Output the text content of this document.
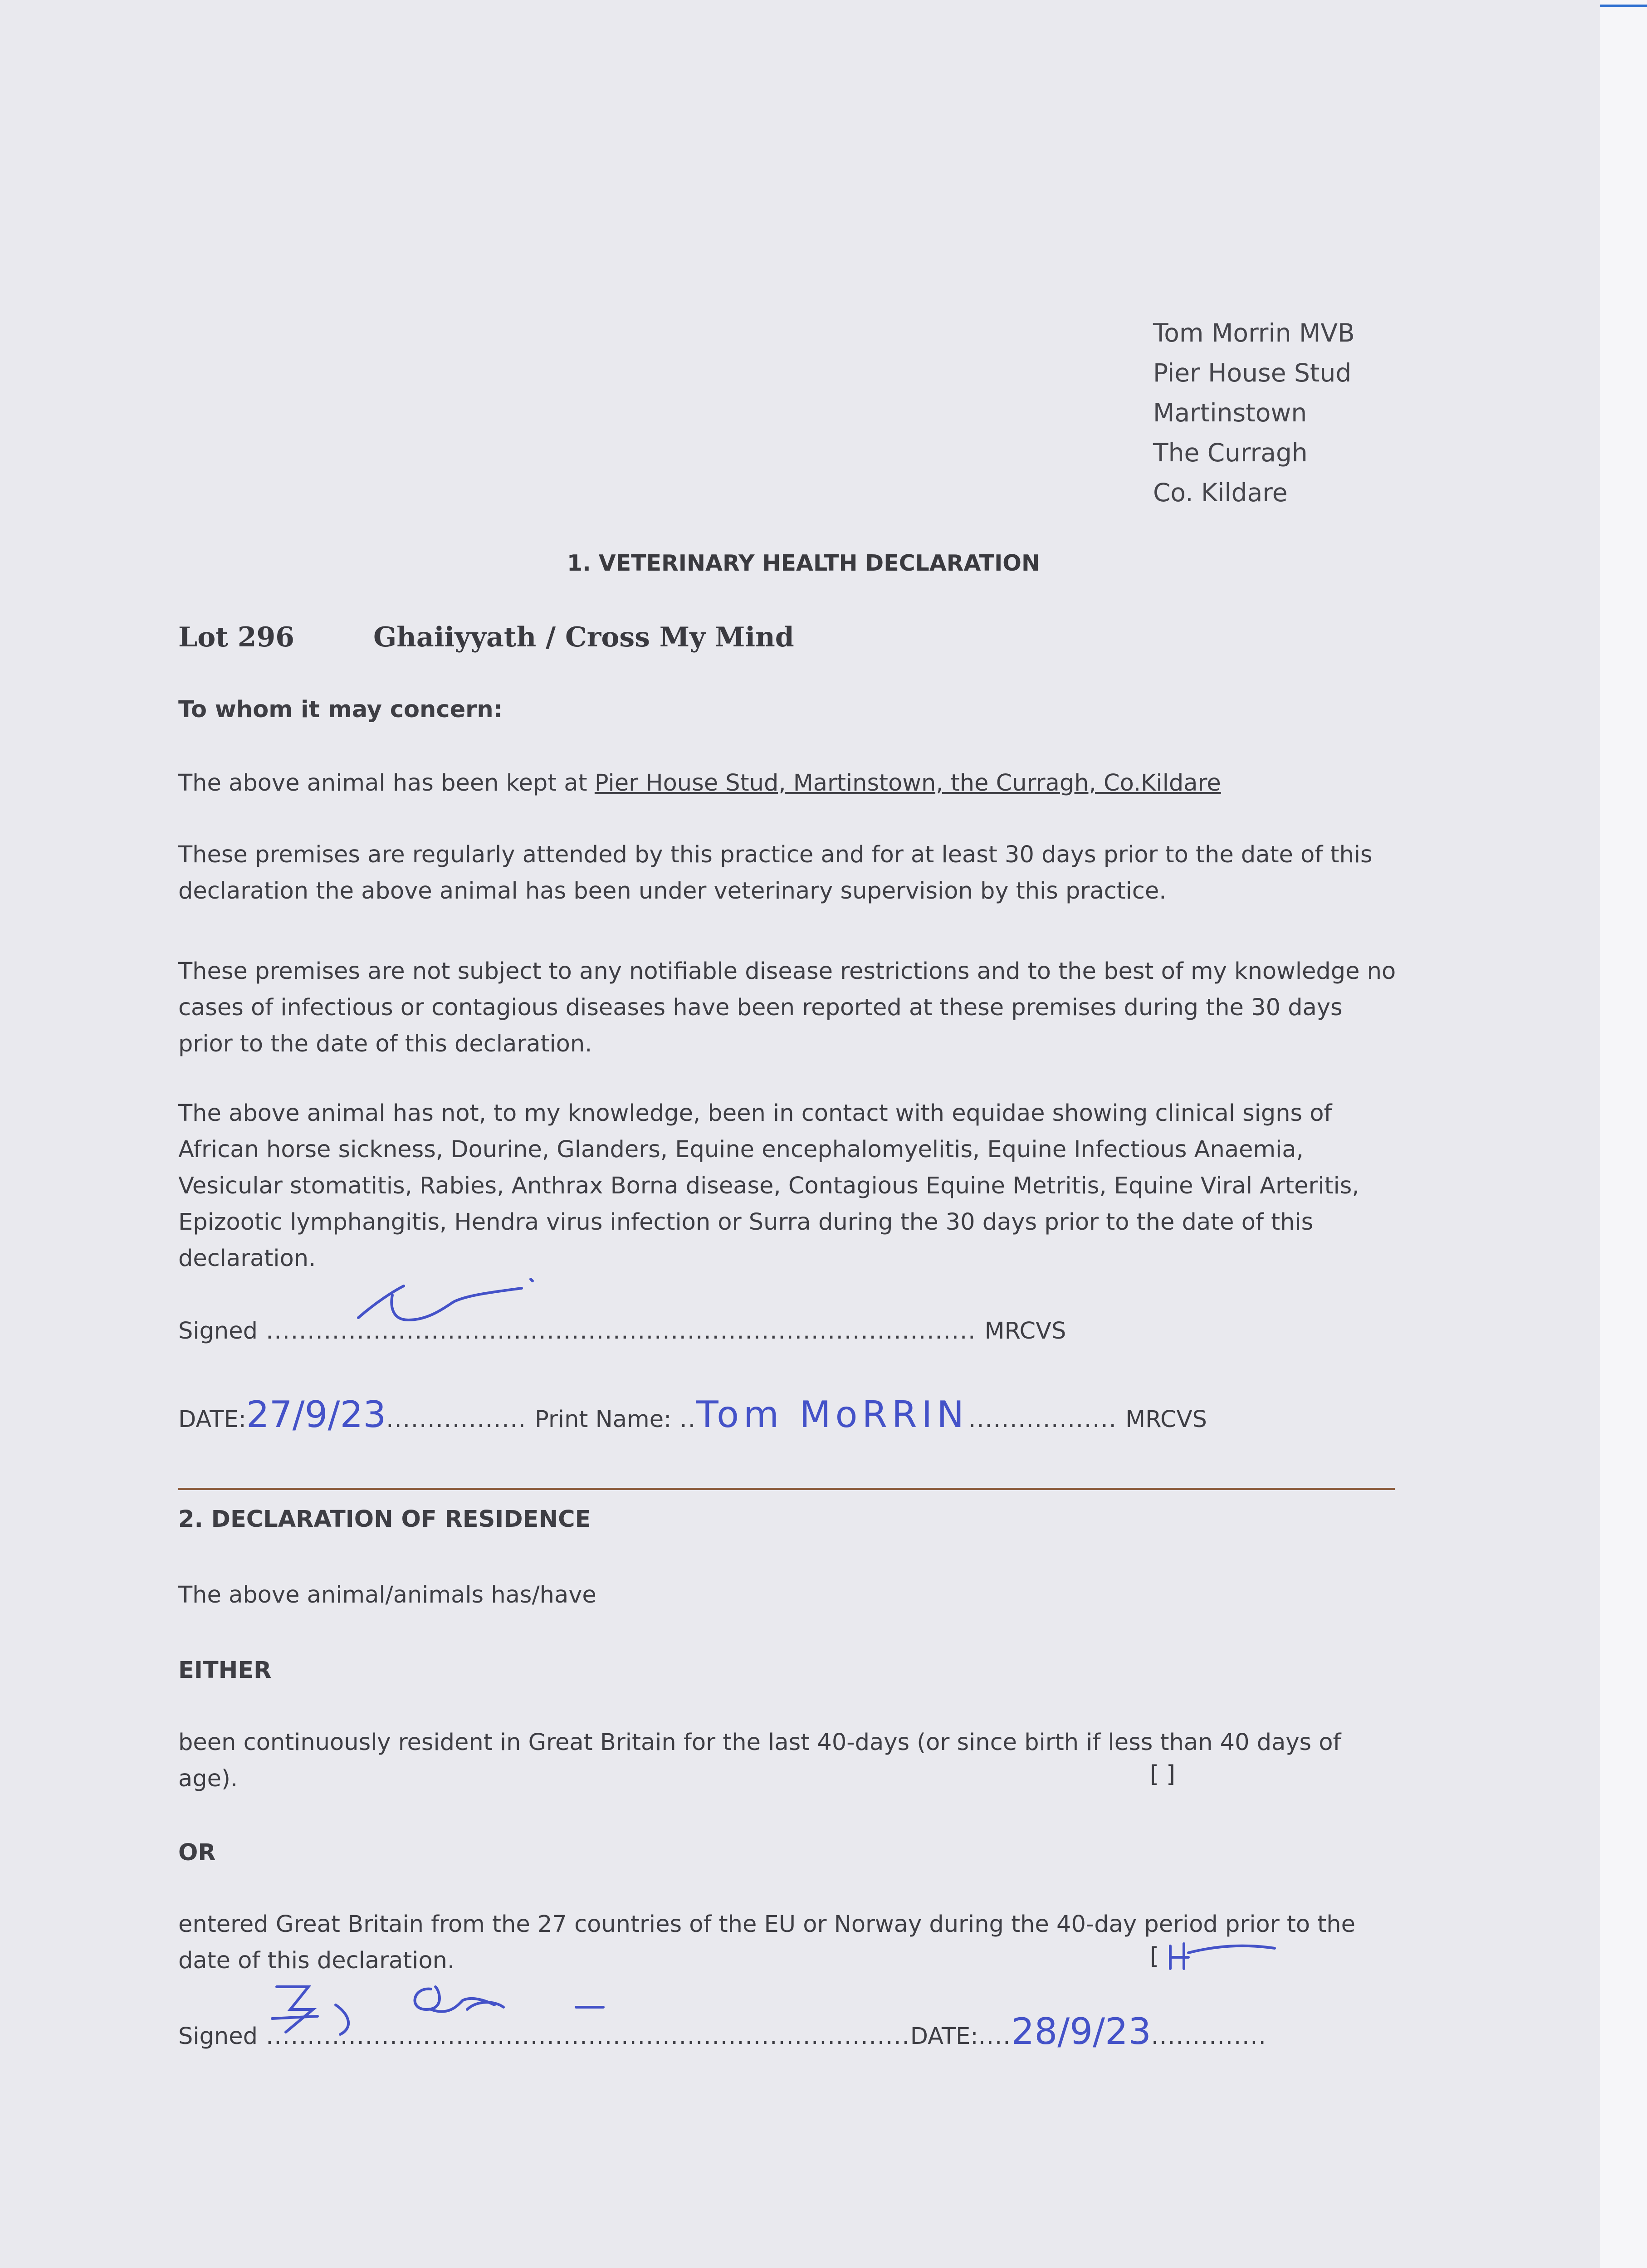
Tom Morrin MVB
Pier House Stud
Martinstown
The Curragh
Co. Kildare
1. VETERINARY HEALTH DECLARATION
Lot 296	Ghaiiyyath / Cross My Mind
To whom it may concern:
The above animal has been kept at Pier House Stud, Martinstown, the Curragh, Co.Kildare
These premises are regularly attended by this practice and for at least 30 days prior to the date of this declaration the above animal has been under veterinary supervision by this practice.
These premises are not subject to any notifiable disease restrictions and to the best of my knowledge no cases of infectious or contagious diseases have been reported at these premises during the 30 days prior to the date of this declaration.
The above animal has not, to my knowledge, been in contact with equidae showing clinical signs of African horse sickness, Dourine, Glanders, Equine encephalomyelitis, Equine Infectious Anaemia, Vesicular stomatitis, Rabies, Anthrax Borna disease, Contagious Equine Metritis, Equine Viral Arteritis, Epizootic lymphangitis, Hendra virus infection or Surra during the 30 days prior to the date of this declaration.
Signed ...................................................................................... MRCVS
DATE:27/9/23................. Print Name: ..Tom MoRRIN.................. MRCVS
2. DECLARATION OF RESIDENCE
The above animal/animals has/have
EITHER
been continuously resident in Great Britain for the last 40-days (or since birth if less than 40 days of age).	[ ]
OR
entered Great Britain from the 27 countries of the EU or Norway during the 40-day period prior to the date of this declaration.	[
Signed ..............................................................................DATE:....28/9/23..............
